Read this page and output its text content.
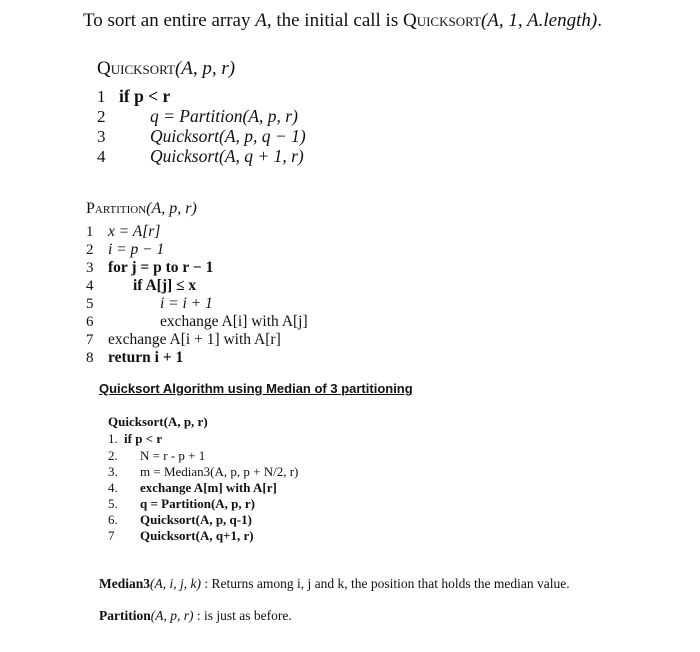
To sort an entire array A, the initial call is Quicksort(A, 1, A.length).
Quicksort(A, p, r)
1 if p < r
2	q = Partition(A, p, r)
3	Quicksort(A, p, q − 1)
4	Quicksort(A, q + 1, r)
Partition(A, p, r)
1 x = A[r]
2 i = p − 1
3 for j = p to r − 1
4	if A[j] ≤ x
5	i = i + 1
6	exchange A[i] with A[j]
7 exchange A[i + 1] with A[r]
8 return i + 1
Quicksort Algorithm using Median of 3 partitioning
Quicksort(A, p, r)
1. if p < r
2. N = r - p + 1
3. m = Median3(A, p, p + N/2, r)
4. exchange A[m] with A[r]
5. q = Partition(A, p, r)
6. Quicksort(A, p, q-1)
7 Quicksort(A, q+1, r)
Median3(A, i, j, k) : Returns among i, j and k, the position that holds the median value.
Partition(A, p, r) : is just as before.
